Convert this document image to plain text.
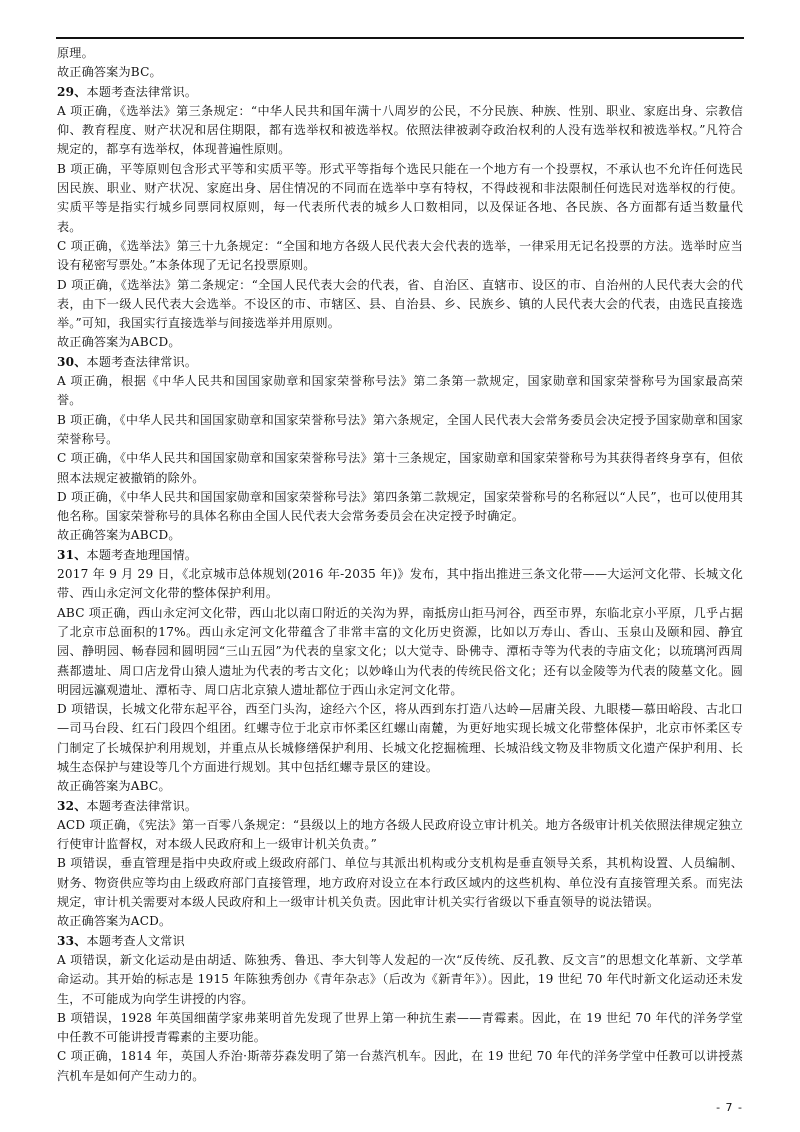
原理。

故正确答案为BC。

29、本题考查法律常识。

A 项正确，《选举法》第三条规定：“中华人民共和国年满十八周岁的公民，不分民族、种族、性别、职业、家庭出身、宗教信仰、教育程度、财产状况和居住期限，都有选举权和被选举权。依照法律被剥夺政治权利的人没有选举权和被选举权。”凡符合规定的，都享有选举权，体现普遍性原则。

B 项正确，平等原则包含形式平等和实质平等。形式平等指每个选民只能在一个地方有一个投票权，不承认也不允许任何选民因民族、职业、财产状况、家庭出身、居住情况的不同而在选举中享有特权，不得歧视和非法限制任何选民对选举权的行使。实质平等是指实行城乡同票同权原则，每一代表所代表的城乡人口数相同，以及保证各地、各民族、各方面都有适当数量代表。

C 项正确，《选举法》第三十九条规定：“全国和地方各级人民代表大会代表的选举，一律采用无记名投票的方法。选举时应当设有秘密写票处。”本条体现了无记名投票原则。

D 项正确，《选举法》第二条规定：“全国人民代表大会的代表，省、自治区、直辖市、设区的市、自治州的人民代表大会的代表，由下一级人民代表大会选举。不设区的市、市辖区、县、自治县、乡、民族乡、镇的人民代表大会的代表，由选民直接选举。”可知，我国实行直接选举与间接选举并用原则。

故正确答案为ABCD。

30、本题考查法律常识。

A 项正确，根据《中华人民共和国国家勋章和国家荣誉称号法》第二条第一款规定，国家勋章和国家荣誉称号为国家最高荣誉。

B 项正确，《中华人民共和国国家勋章和国家荣誉称号法》第六条规定，全国人民代表大会常务委员会决定授予国家勋章和国家荣誉称号。

C 项正确，《中华人民共和国国家勋章和国家荣誉称号法》第十三条规定，国家勋章和国家荣誉称号为其获得者终身享有，但依照本法规定被撤销的除外。

D 项正确，《中华人民共和国国家勋章和国家荣誉称号法》第四条第二款规定，国家荣誉称号的名称冠以“人民”，也可以使用其他名称。国家荣誉称号的具体名称由全国人民代表大会常务委员会在决定授予时确定。

故正确答案为ABCD。

31、本题考查地理国情。

2017 年 9 月 29 日，《北京城市总体规划(2016 年-2035 年)》发布，其中指出推进三条文化带——大运河文化带、长城文化带、西山永定河文化带的整体保护利用。

ABC 项正确，西山永定河文化带，西山北以南口附近的关沟为界，南抵房山拒马河谷，西至市界，东临北京小平原，几乎占据了北京市总面积的17%。西山永定河文化带蕴含了非常丰富的文化历史资源，比如以万寿山、香山、玉泉山及颐和园、静宜园、静明园、畅春园和圆明园“三山五园”为代表的皇家文化；以大觉寺、卧佛寺、潭柘寺等为代表的寺庙文化；以琉璃河西周燕都遗址、周口店龙骨山猿人遗址为代表的考古文化；以妙峰山为代表的传统民俗文化；还有以金陵等为代表的陵墓文化。圆明园远瀛观遗址、潭柘寺、周口店北京猿人遗址都位于西山永定河文化带。

D 项错误，长城文化带东起平谷，西至门头沟，途经六个区，将从西到东打造八达岭—居庸关段、九眼楼—慕田峪段、古北口—司马台段、红石门段四个组团。红螺寺位于北京市怀柔区红螺山南麓，为更好地实现长城文化带整体保护，北京市怀柔区专门制定了长城保护利用规划，并重点从长城修缮保护利用、长城文化挖掘梳理、长城沿线文物及非物质文化遗产保护利用、长城生态保护与建设等几个方面进行规划。其中包括红螺寺景区的建设。

故正确答案为ABC。

32、本题考查法律常识。

ACD 项正确，《宪法》第一百零八条规定：“县级以上的地方各级人民政府设立审计机关。地方各级审计机关依照法律规定独立行使审计监督权，对本级人民政府和上一级审计机关负责。”

B 项错误，垂直管理是指中央政府或上级政府部门、单位与其派出机构或分支机构是垂直领导关系，其机构设置、人员编制、财务、物资供应等均由上级政府部门直接管理，地方政府对设立在本行政区域内的这些机构、单位没有直接管理关系。而宪法规定，审计机关需要对本级人民政府和上一级审计机关负责。因此审计机关实行省级以下垂直领导的说法错误。

故正确答案为ACD。

33、本题考查人文常识

A 项错误，新文化运动是由胡适、陈独秀、鲁迅、李大钊等人发起的一次“反传统、反孔教、反文言”的思想文化革新、文学革命运动。其开始的标志是 1915 年陈独秀创办《青年杂志》（后改为《新青年》）。因此，19 世纪 70 年代时新文化运动还未发生，不可能成为向学生讲授的内容。

B 项错误，1928 年英国细菌学家弗莱明首先发现了世界上第一种抗生素——青霉素。因此，在 19 世纪 70 年代的洋务学堂中任教不可能讲授青霉素的主要功能。

C 项正确，1814 年，英国人乔治·斯蒂芬森发明了第一台蒸汽机车。因此，在 19 世纪 70 年代的洋务学堂中任教可以讲授蒸汽机车是如何产生动力的。

- 7 -
